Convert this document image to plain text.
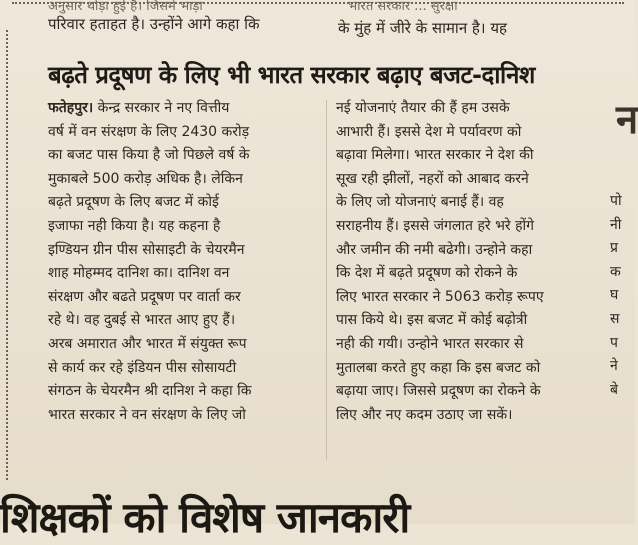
अनुसार थोड़ा हुई है। जिसमें भाड़ा	भारत सरकार ... सुरक्षा
परिवार हताहत है। उन्होंने आगे कहा कि	के मुंह में जीरे के सामान है। यह
बढ़ते प्रदूषण के लिए भी भारत सरकार बढ़ाए बजट-दानिश
फतेहपुर। केन्द्र सरकार ने नए वित्तीय
वर्ष में वन संरक्षण के लिए 2430 करोड़
का बजट पास किया है जो पिछले वर्ष के
मुकाबले 500 करोड़ अधिक है। लेकिन
बढ़ते प्रदूषण के लिए बजट में कोई
इजाफा नही किया है। यह कहना है
इण्डियन ग्रीन पीस सोसाइटी के चेयरमैन
शाह मोहम्मद दानिश का। दानिश वन
संरक्षण और बढते प्रदूषण पर वार्ता कर
रहे थे। वह दुबई से भारत आए हुए हैं।
अरब अमारात और भारत में संयुक्त रूप
से कार्य कर रहे इंडियन पीस सोसायटी
संगठन के चेयरमैन श्री दानिश ने कहा कि
भारत सरकार ने वन संरक्षण के लिए जो
नई योजनाएं तैयार की हैं हम उसके
आभारी हैं। इससे देश मे पर्यावरण को
बढ़ावा मिलेगा। भारत सरकार ने देश की
सूख रही झीलों, नहरों को आबाद करने
के लिए जो योजनाएं बनाई हैं। वह
सराहनीय हैं। इससे जंगलात हरे भरे होंगे
और जमीन की नमी बढेगी। उन्होने कहा
कि देश में बढ़ते प्रदूषण को रोकने के
लिए भारत सरकार ने 5063 करोड़ रूपए
पास किये थे। इस बजट में कोई बढ़ोत्री
नही की गयी। उन्होने भारत सरकार से
मुतालबा करते हुए कहा कि इस बजट को
बढ़ाया जाए। जिससे प्रदूषण का रोकने के
लिए और नए कदम उठाए जा सकें।
न
पो
नी
प्र
क
घ
स
प
ने
बे
शिक्षकों को विशेष जानकारी
